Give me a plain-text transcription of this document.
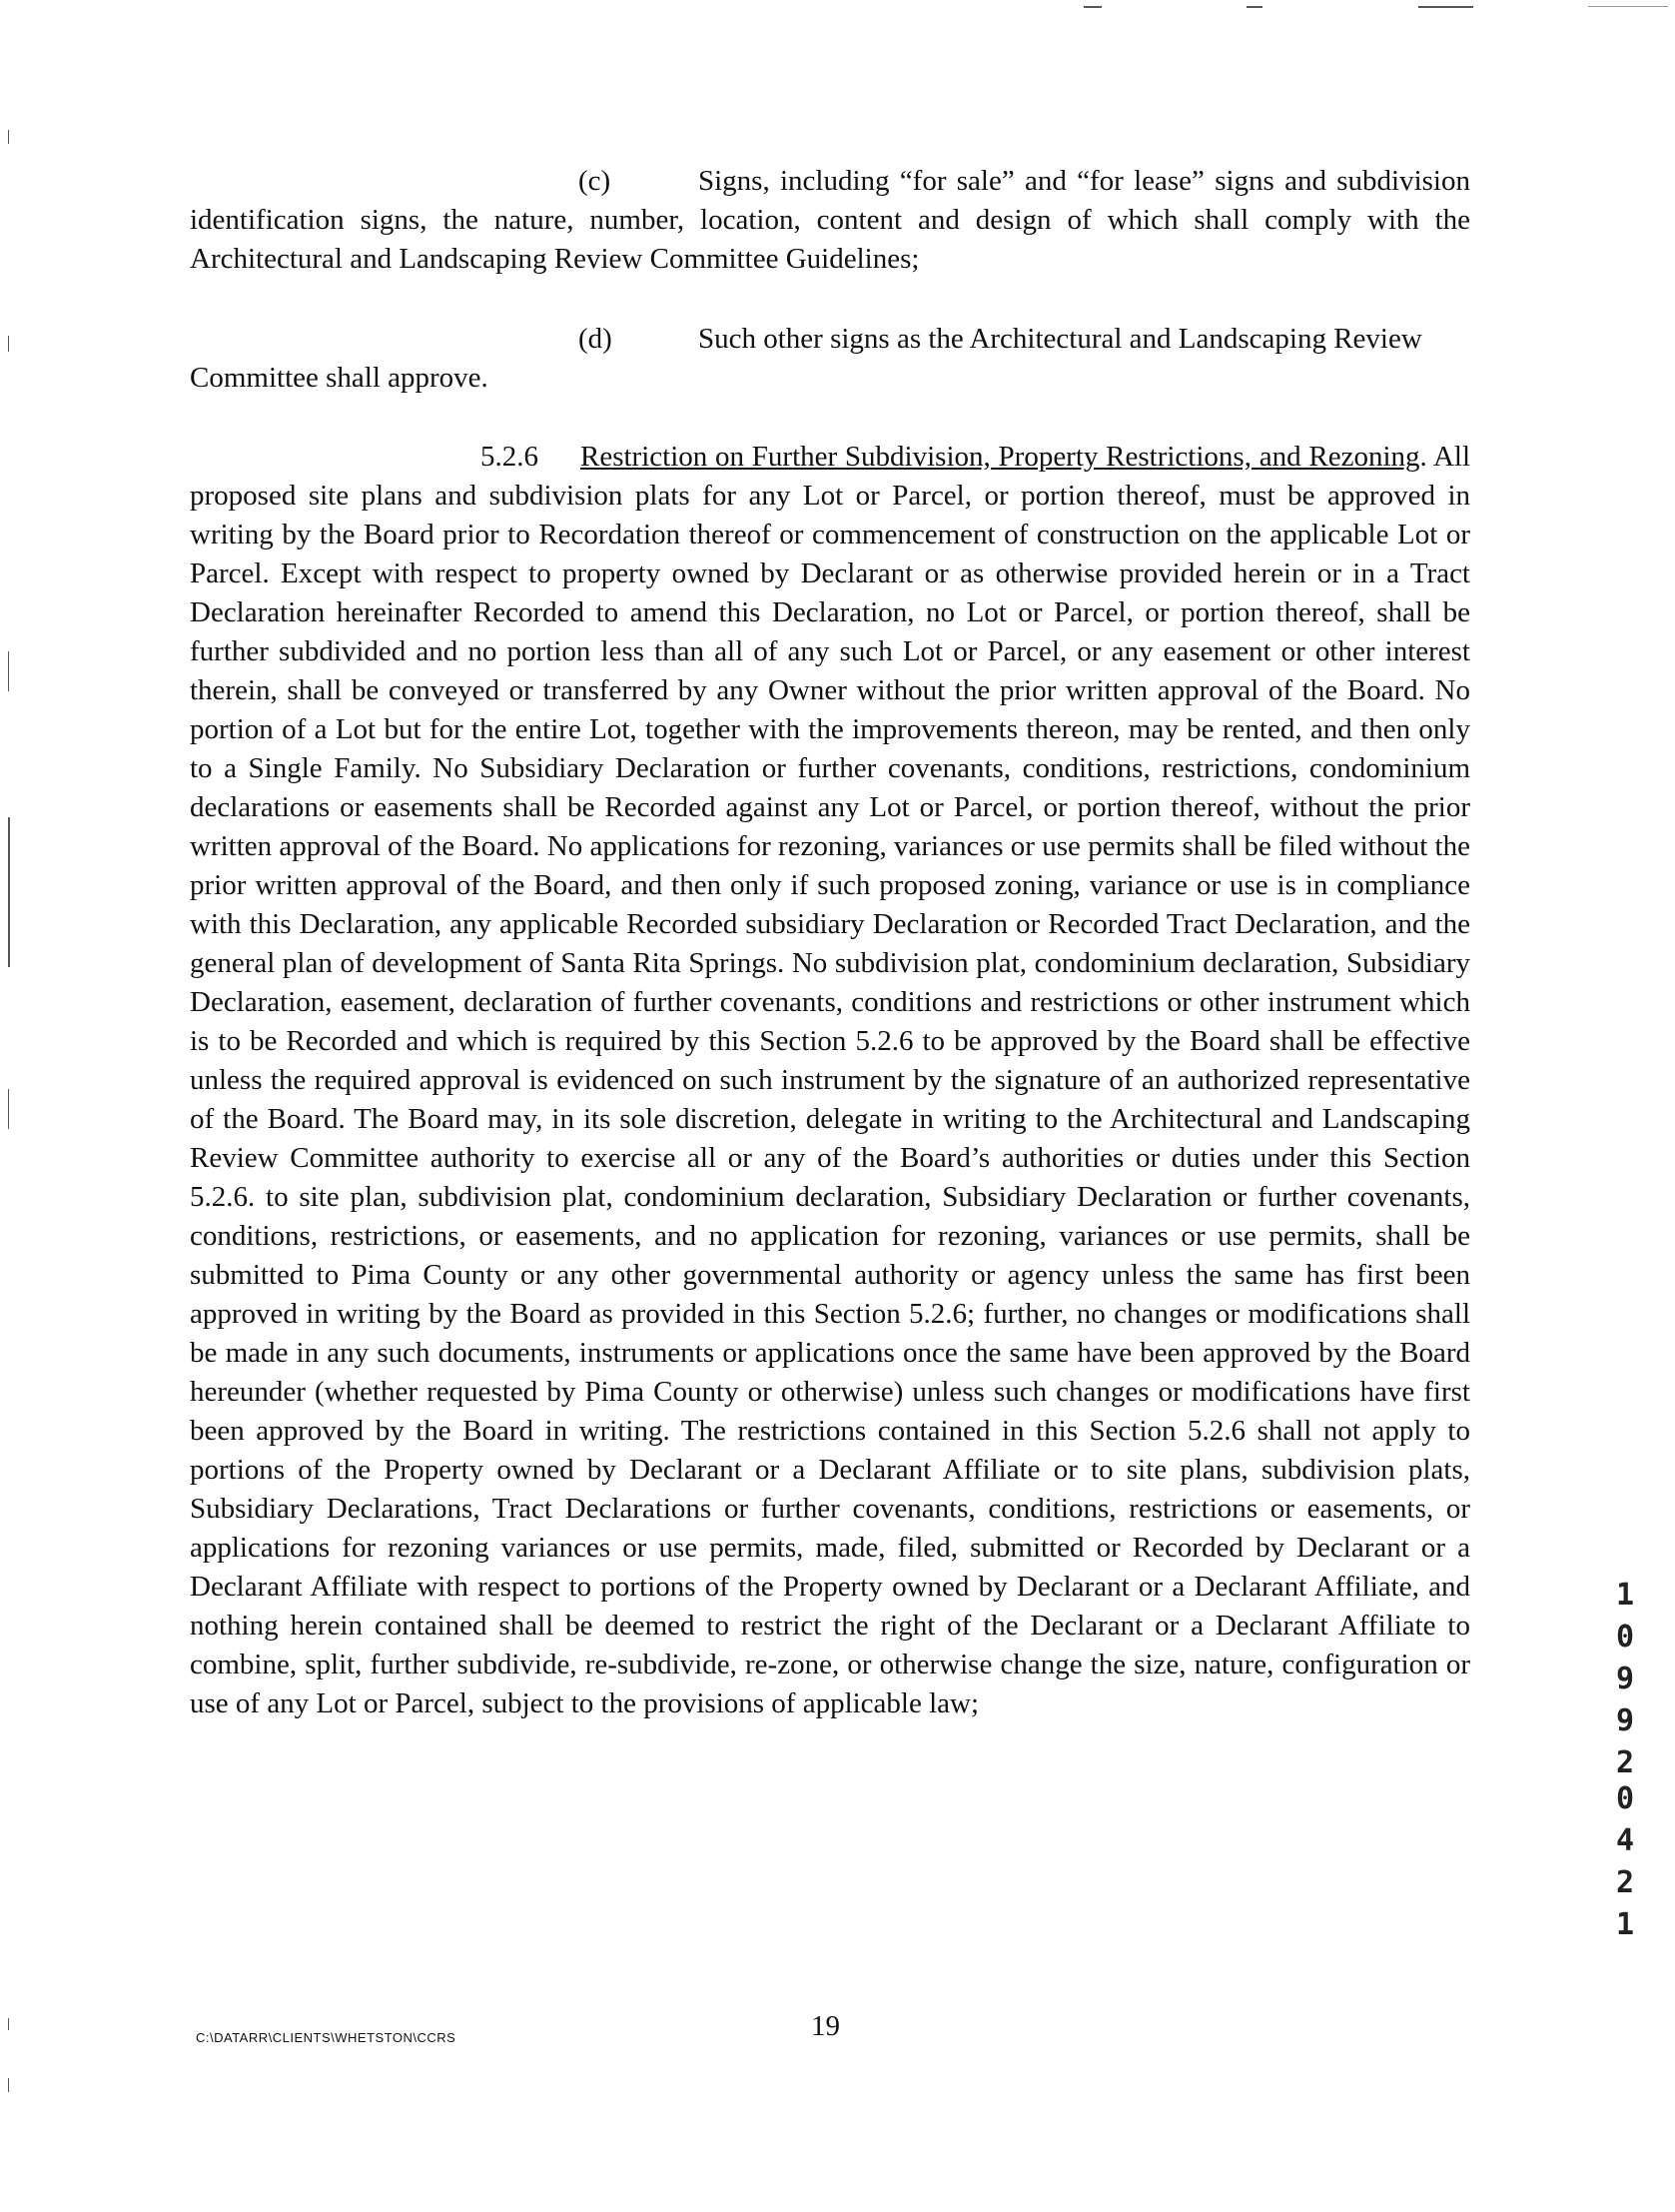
(c)	Signs, including “for sale” and “for lease” signs and subdivision identification signs, the nature, number, location, content and design of which shall comply with the Architectural and Landscaping Review Committee Guidelines;
(d)	Such other signs as the Architectural and Landscaping Review
Committee shall approve.
5.2.6 Restriction on Further Subdivision, Property Restrictions, and Rezoning. All proposed site plans and subdivision plats for any Lot or Parcel, or portion thereof, must be approved in writing by the Board prior to Recordation thereof or commencement of construction on the applicable Lot or Parcel. Except with respect to property owned by Declarant or as otherwise provided herein or in a Tract Declaration hereinafter Recorded to amend this Declaration, no Lot or Parcel, or portion thereof, shall be further subdivided and no portion less than all of any such Lot or Parcel, or any easement or other interest therein, shall be conveyed or transferred by any Owner without the prior written approval of the Board. No portion of a Lot but for the entire Lot, together with the improvements thereon, may be rented, and then only to a Single Family. No Subsidiary Declaration or further covenants, conditions, restrictions, condominium declarations or easements shall be Recorded against any Lot or Parcel, or portion thereof, without the prior written approval of the Board. No applications for rezoning, variances or use permits shall be filed without the prior written approval of the Board, and then only if such proposed zoning, variance or use is in compliance with this Declaration, any applicable Recorded subsidiary Declaration or Recorded Tract Declaration, and the general plan of development of Santa Rita Springs. No subdivision plat, condominium declaration, Subsidiary Declaration, easement, declaration of further covenants, conditions and restrictions or other instrument which is to be Recorded and which is required by this Section 5.2.6 to be approved by the Board shall be effective unless the required approval is evidenced on such instrument by the signature of an authorized representative of the Board. The Board may, in its sole discretion, delegate in writing to the Architectural and Landscaping Review Committee authority to exercise all or any of the Board’s authorities or duties under this Section 5.2.6. to site plan, subdivision plat, condominium declaration, Subsidiary Declaration or further covenants, conditions, restrictions, or easements, and no application for rezoning, variances or use permits, shall be submitted to Pima County or any other governmental authority or agency unless the same has first been approved in writing by the Board as provided in this Section 5.2.6; further, no changes or modifications shall be made in any such documents, instruments or applications once the same have been approved by the Board hereunder (whether requested by Pima County or otherwise) unless such changes or modifications have first been approved by the Board in writing. The restrictions contained in this Section 5.2.6 shall not apply to portions of the Property owned by Declarant or a Declarant Affiliate or to site plans, subdivision plats, Subsidiary Declarations, Tract Declarations or further covenants, conditions, restrictions or easements, or applications for rezoning variances or use permits, made, filed, submitted or Recorded by Declarant or a Declarant Affiliate with respect to portions of the Property owned by Declarant or a Declarant Affiliate, and nothing herein contained shall be deemed to restrict the right of the Declarant or a Declarant Affiliate to combine, split, further subdivide, re-subdivide, re-zone, or otherwise change the size, nature, configuration or use of any Lot or Parcel, subject to the provisions of applicable law;
1
0
9
9
2
0
4
2
1
C:\DATARR\CLIENTS\WHETSTON\CCRS	19
